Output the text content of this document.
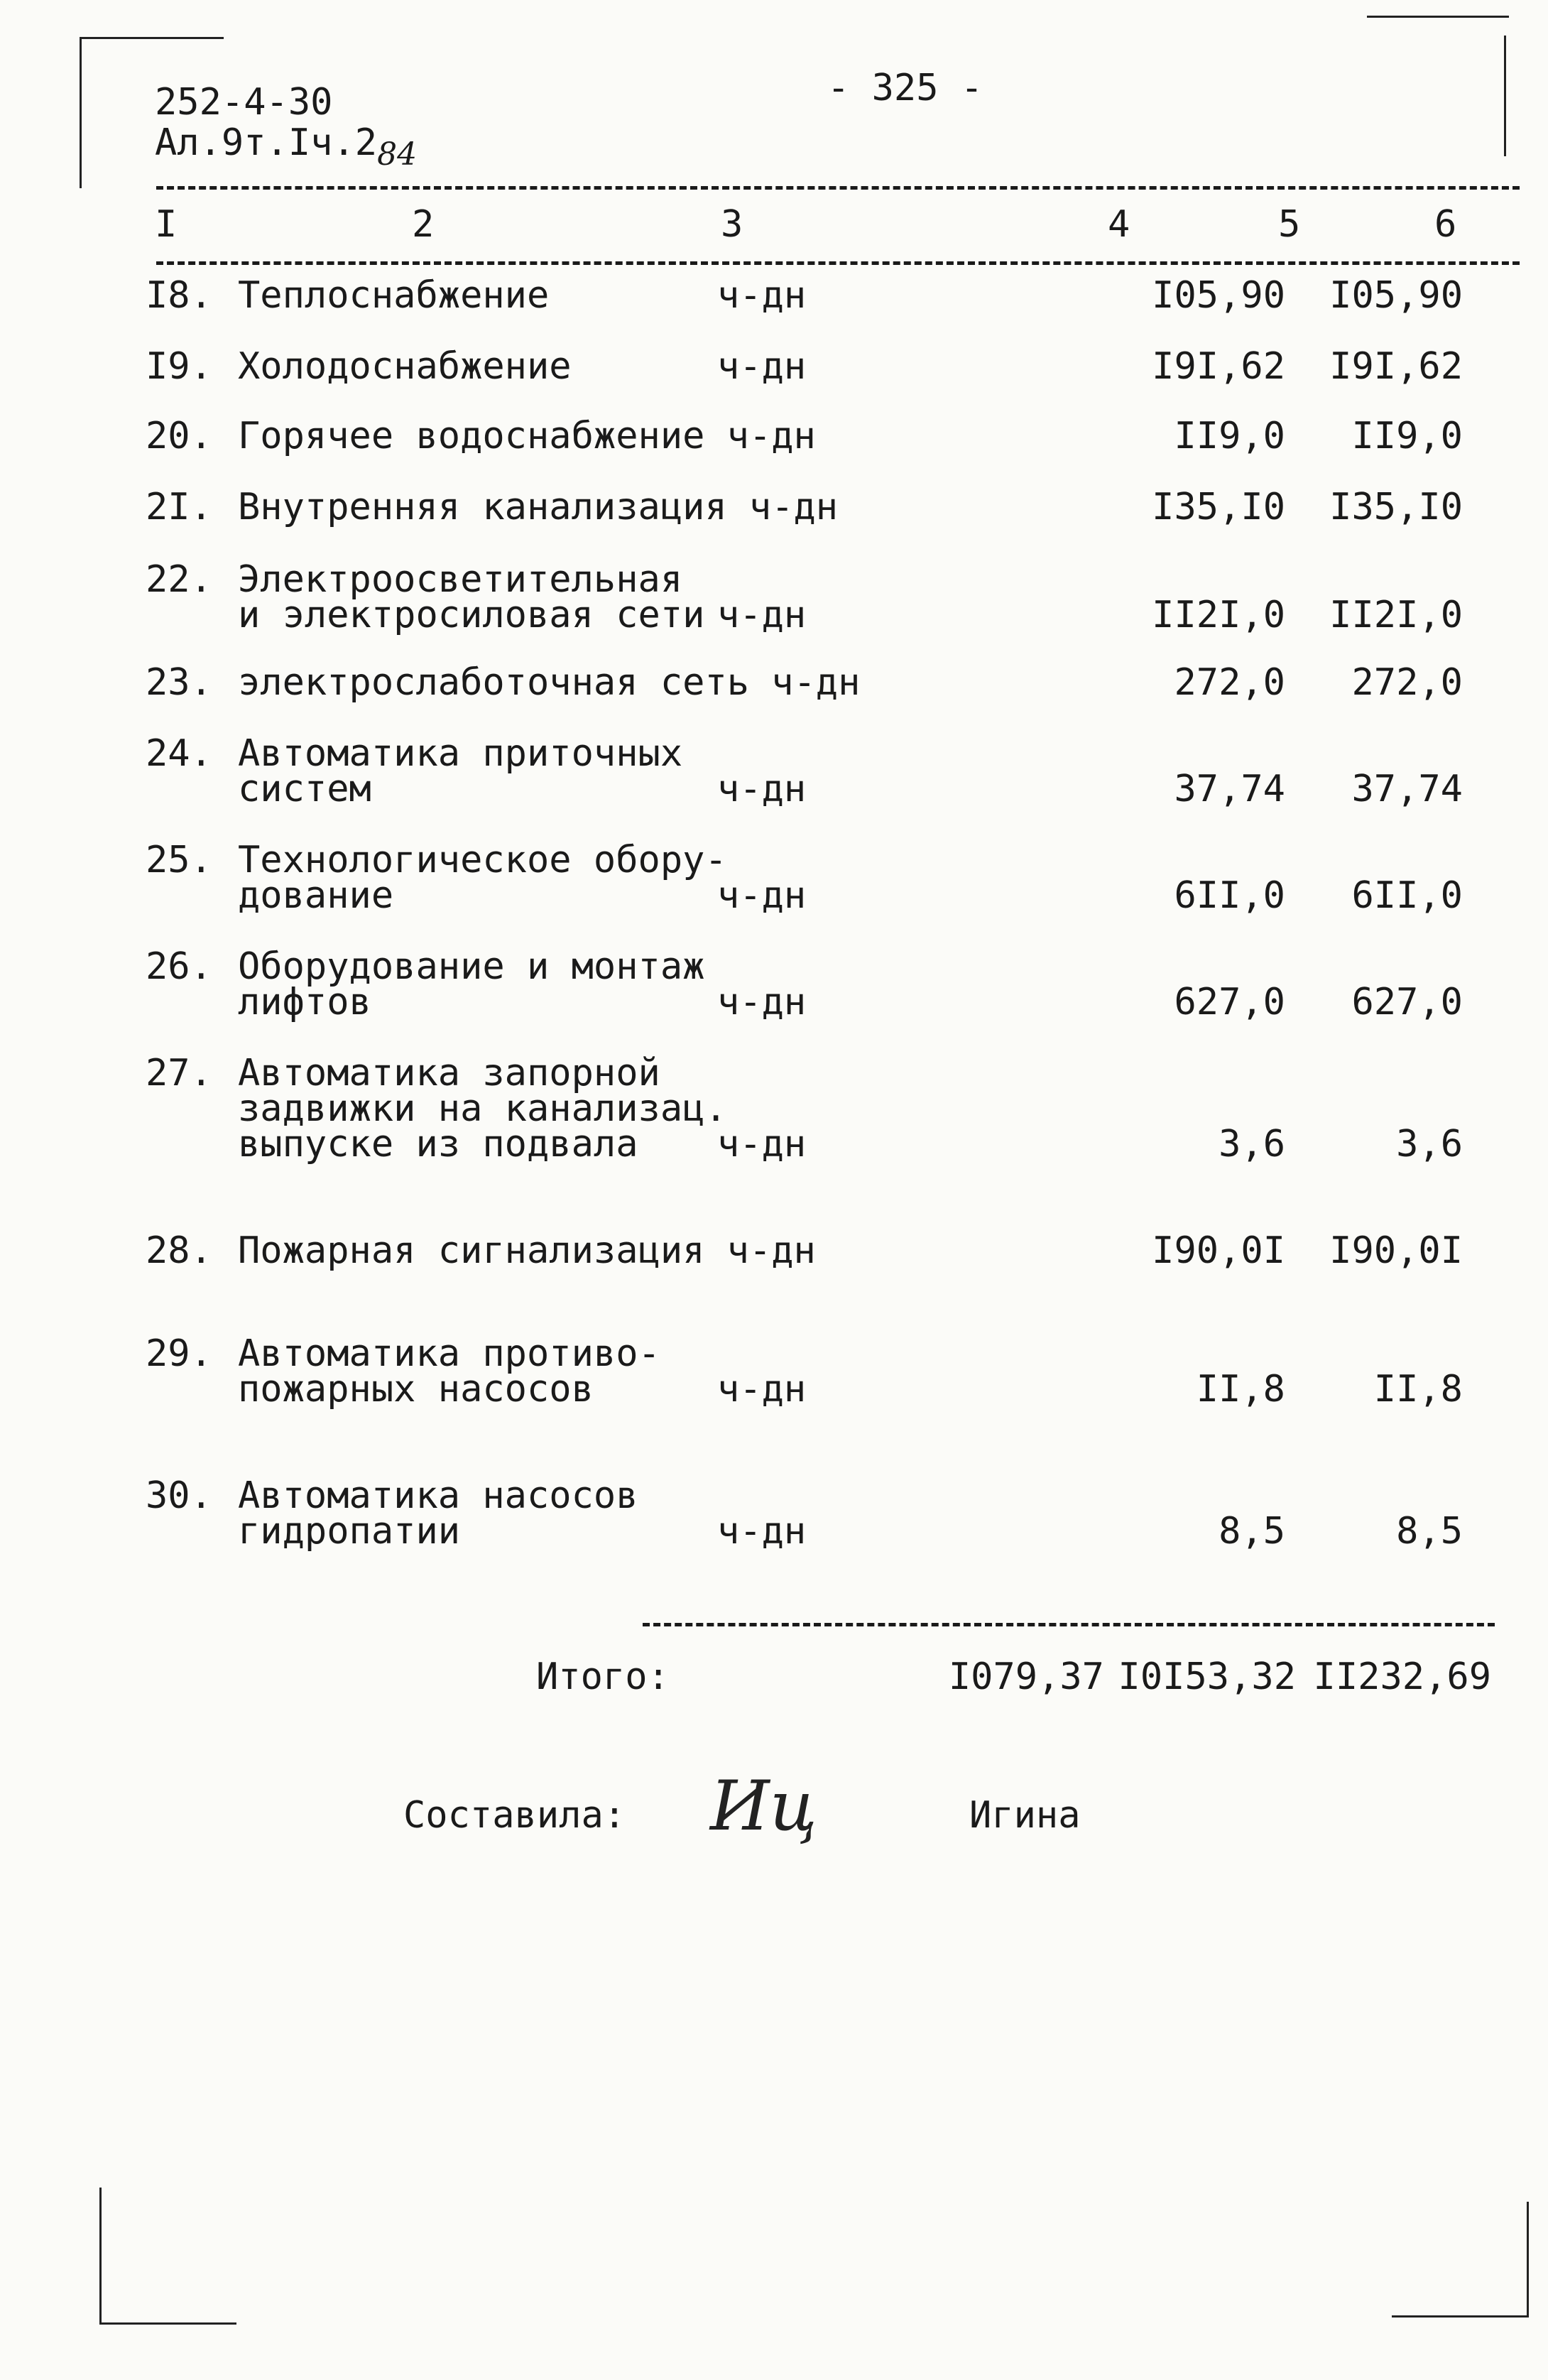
252-4-30
$Ал.9т.Iч.2_{84}$
- 325 -
I	2	3	4	5	6
I8. Теплоснабжение	ч-дн	I05,90	I05,90
I9. Холодоснабжение	ч-дн	I9I,62	I9I,62
20. Горячее водоснабжение ч-дн	II9,0	II9,0
2I. Внутренняя канализация ч-дн	I35,I0	I35,I0
22. Электроосветительная
и электросиловая сети ч-дн	II2I,0	II2I,0
23. электрослаботочная сеть ч-дн	272,0	272,0
24. Автоматика приточных
систем	ч-дн	37,74	37,74
25. Технологическое обору-
дование	ч-дн	6II,0	6II,0
26. Оборудование и монтаж
лифтов	ч-дн	627,0	627,0
27. Автоматика запорной
задвижки на канализац.
выпуске из подвала ч-дн	3,6	3,6
28. Пожарная сигнализация ч-дн	I90,0I	I90,0I
29. Автоматика противо-
пожарных насосов	ч-дн	II,8	II,8
30. Автоматика насосов
гидропатии	ч-дн	8,5	8,5
Итого:	I079,37 I0I53,32 II232,69
Составила: Иц	Игина
